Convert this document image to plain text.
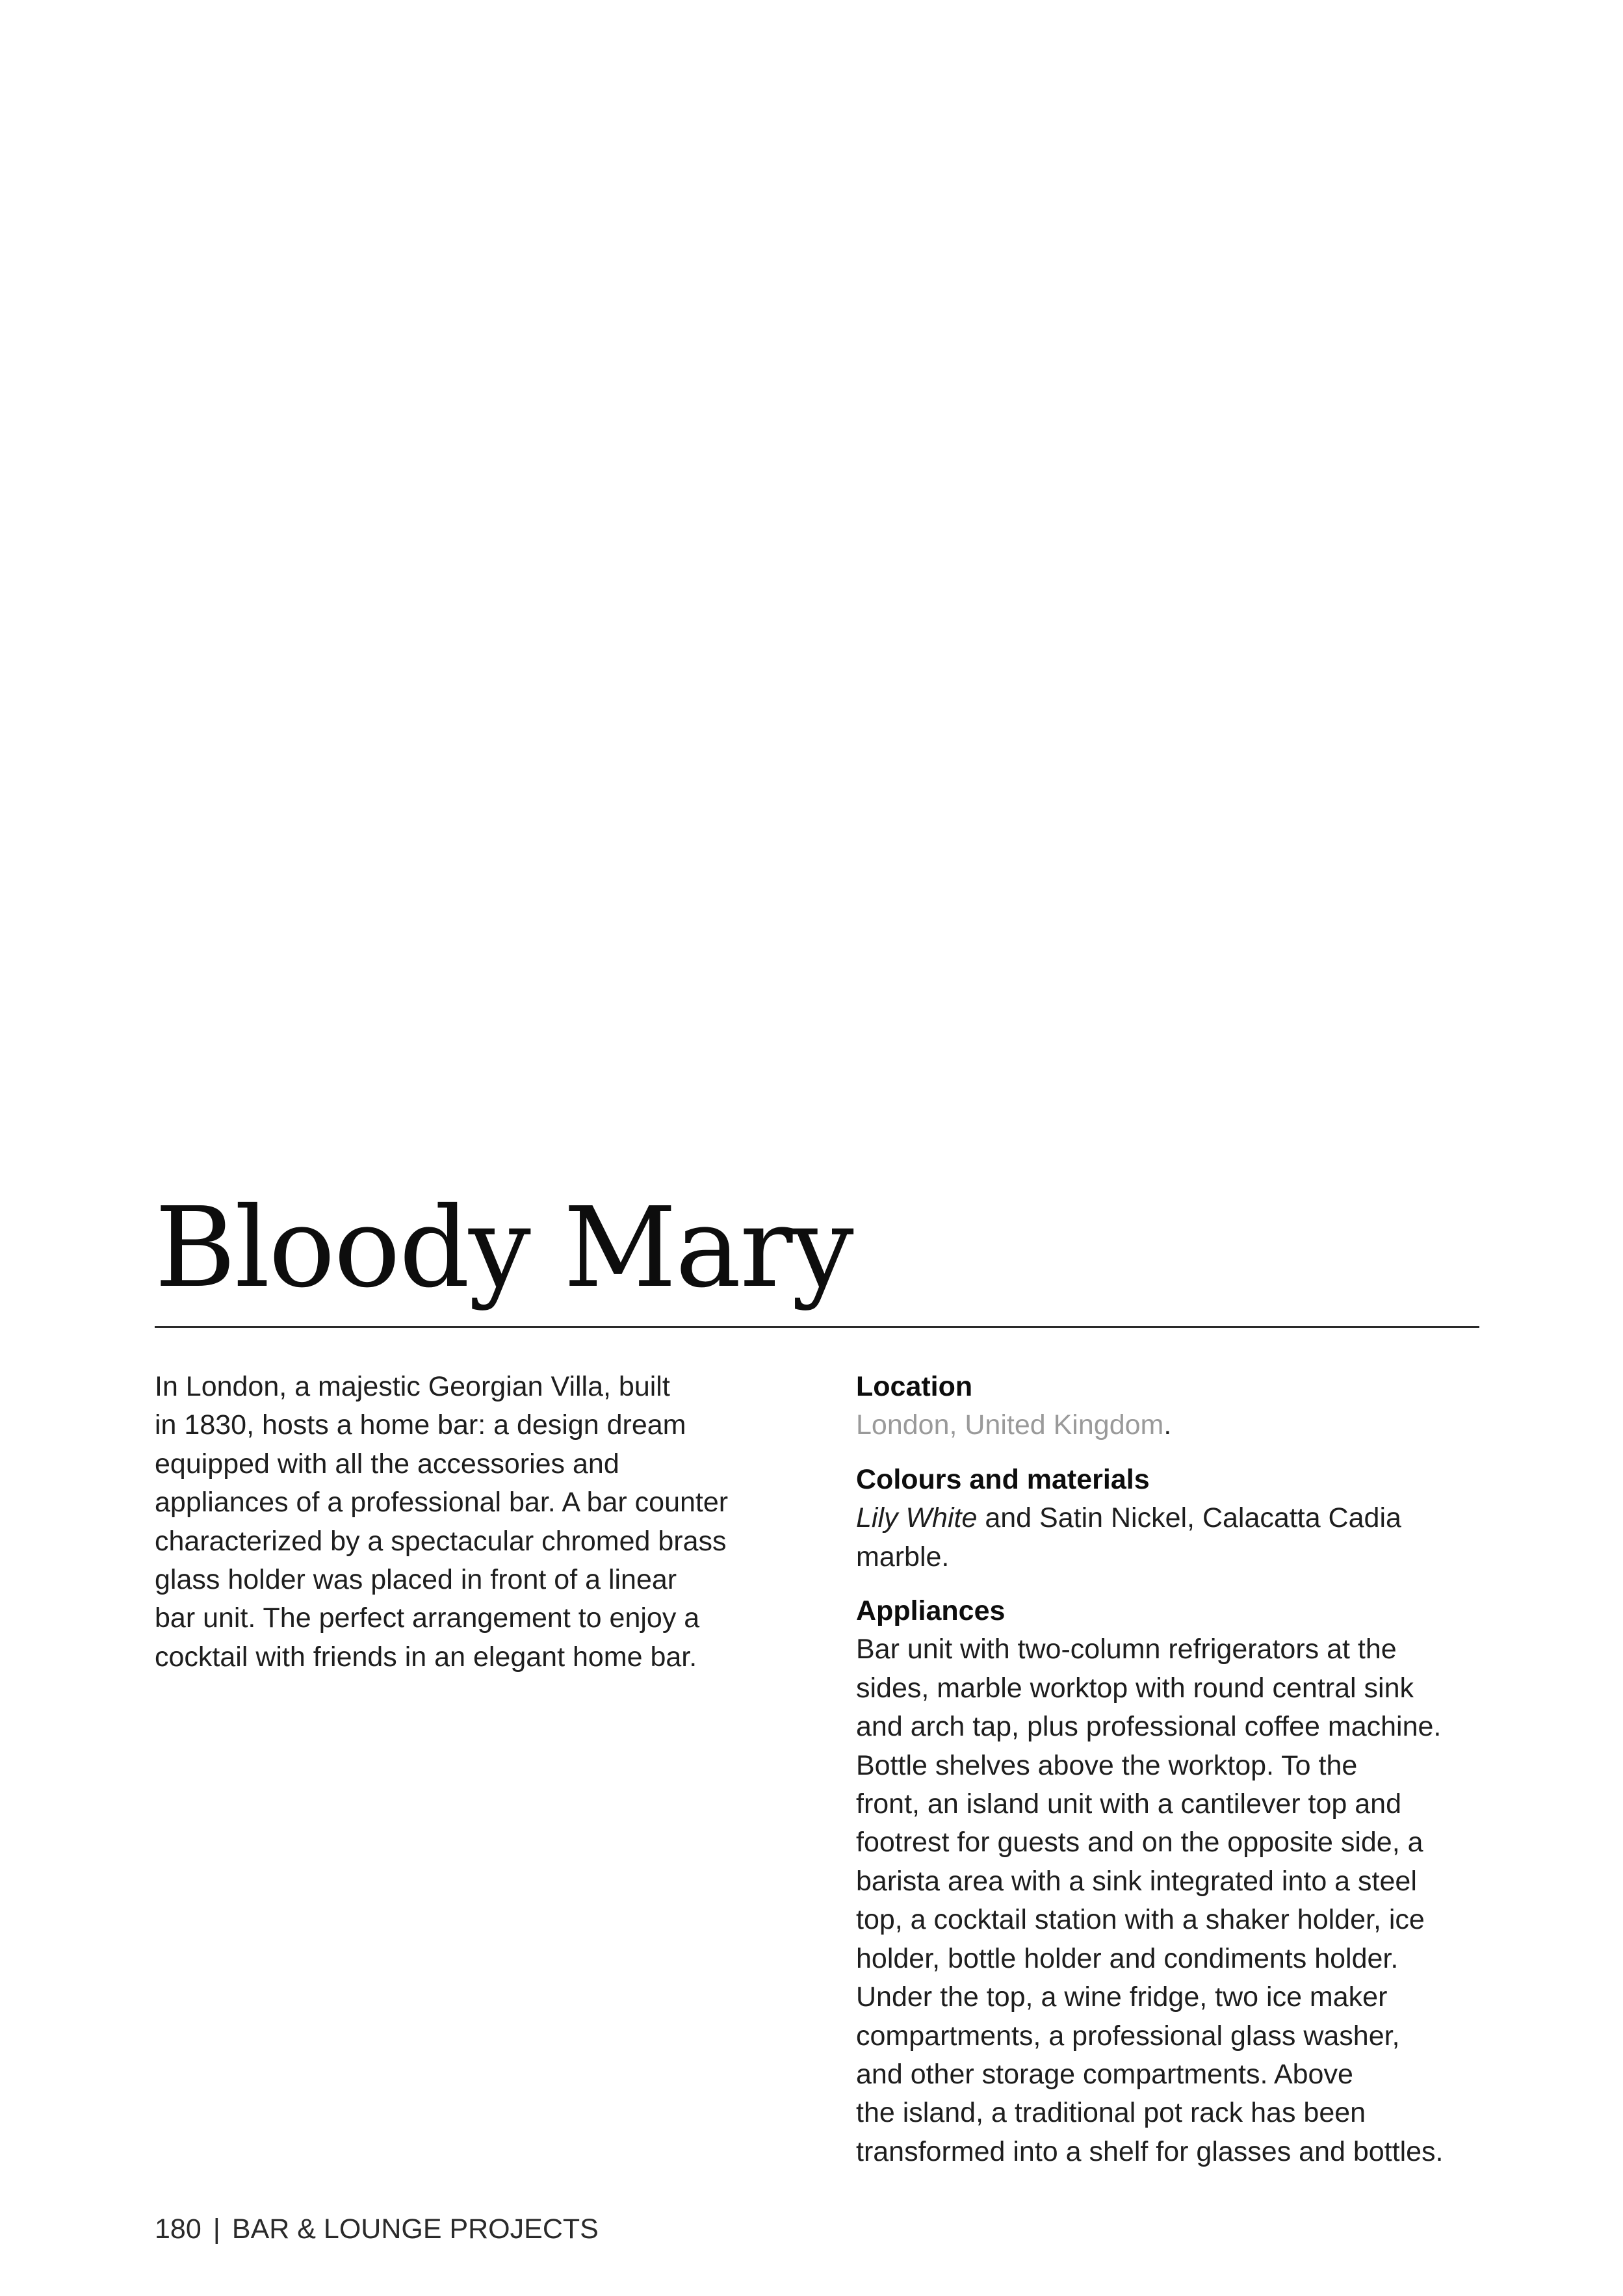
Bloody Mary

In London, a majestic Georgian Villa, built
in 1830, hosts a home bar: a design dream
equipped with all the accessories and
appliances of a professional bar. A bar counter
characterized by a spectacular chromed brass
glass holder was placed in front of a linear
bar unit. The perfect arrangement to enjoy a
cocktail with friends in an elegant home bar.

Location

London, United Kingdom.

Colours and materials

Lily White and Satin Nickel, Calacatta Cadia
marble.

Appliances

Bar unit with two-column refrigerators at the
sides, marble worktop with round central sink
and arch tap, plus professional coffee machine.
Bottle shelves above the worktop. To the
front, an island unit with a cantilever top and
footrest for guests and on the opposite side, a
barista area with a sink integrated into a steel
top, a cocktail station with a shaker holder, ice
holder, bottle holder and condiments holder.
Under the top, a wine fridge, two ice maker
compartments, a professional glass washer,
and other storage compartments. Above
the island, a traditional pot rack has been
transformed into a shelf for glasses and bottles.

180 | BAR & LOUNGE PROJECTS
